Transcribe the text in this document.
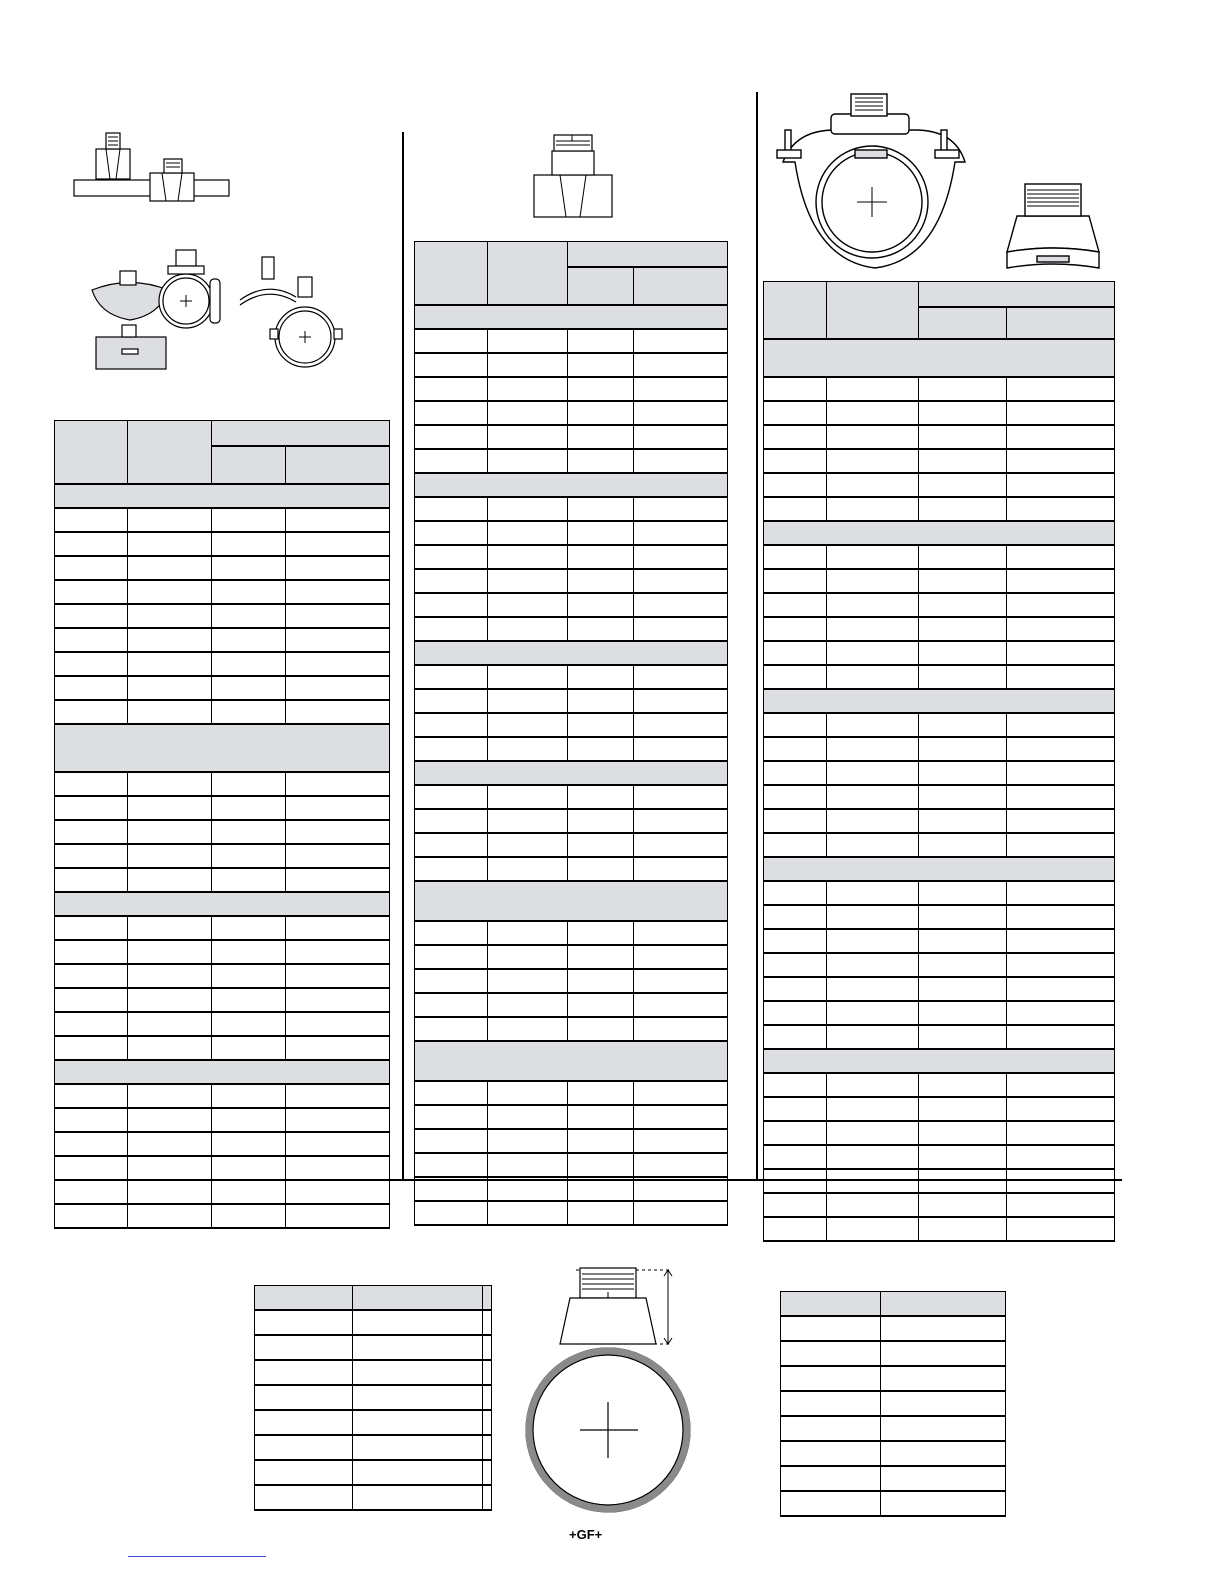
+GF+
